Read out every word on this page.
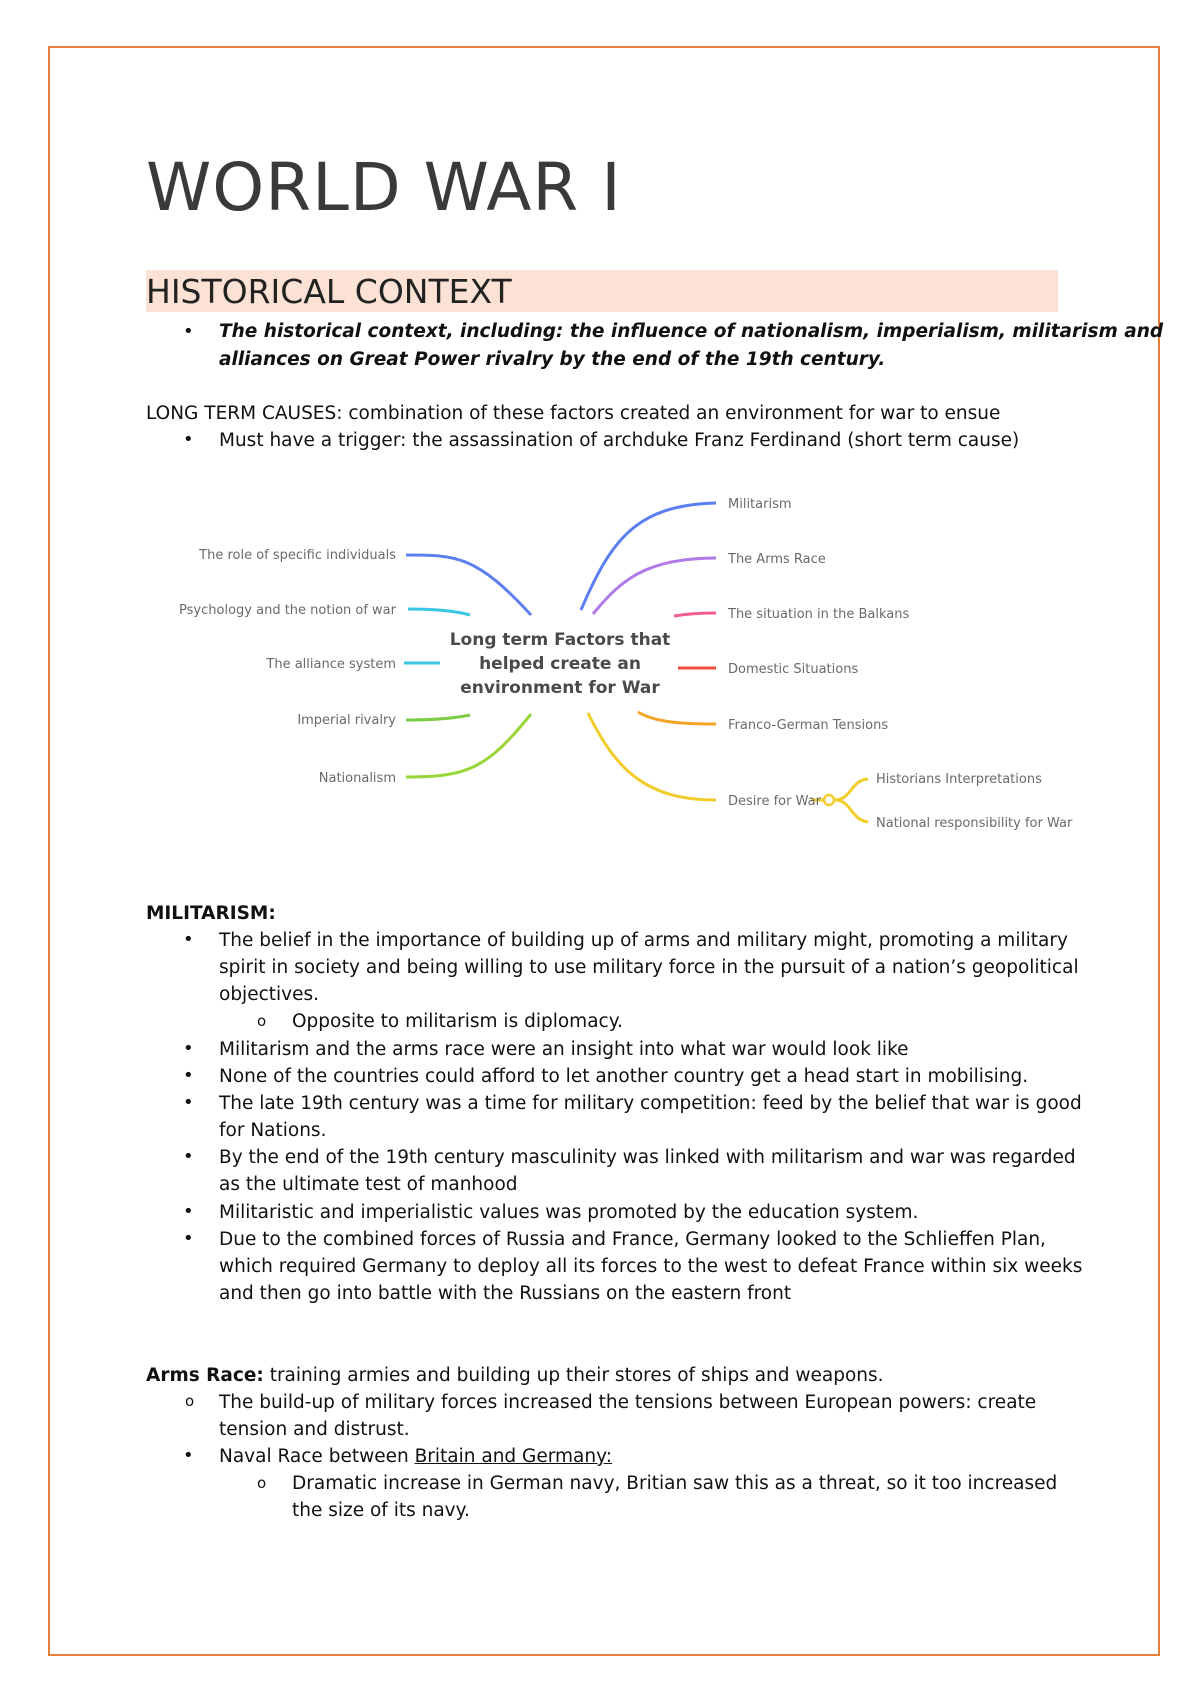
WORLD WAR I
HISTORICAL CONTEXT
• The historical context, including: the influence of nationalism, imperialism, militarism and
alliances on Great Power rivalry by the end of the 19th century.
LONG TERM CAUSES: combination of these factors created an environment for war to ensue
• Must have a trigger: the assassination of archduke Franz Ferdinand (short term cause)
Long term Factors that
helped create an
environment for War
The role of specific individuals
Psychology and the notion of war
The alliance system
Imperial rivalry
Nationalism
Militarism
The Arms Race
The situation in the Balkans
Domestic Situations
Franco-German Tensions
Desire for War
Historians Interpretations
National responsibility for War
MILITARISM:
• The belief in the importance of building up of arms and military might, promoting a military
spirit in society and being willing to use military force in the pursuit of a nation’s geopolitical
objectives.
o Opposite to militarism is diplomacy.
• Militarism and the arms race were an insight into what war would look like
• None of the countries could afford to let another country get a head start in mobilising.
• The late 19th century was a time for military competition: feed by the belief that war is good
for Nations.
• By the end of the 19th century masculinity was linked with militarism and war was regarded
as the ultimate test of manhood
• Militaristic and imperialistic values was promoted by the education system.
• Due to the combined forces of Russia and France, Germany looked to the Schlieffen Plan,
which required Germany to deploy all its forces to the west to defeat France within six weeks
and then go into battle with the Russians on the eastern front
Arms Race: training armies and building up their stores of ships and weapons.
o The build-up of military forces increased the tensions between European powers: create
tension and distrust.
• Naval Race between Britain and Germany:
o Dramatic increase in German navy, Britian saw this as a threat, so it too increased
the size of its navy.
